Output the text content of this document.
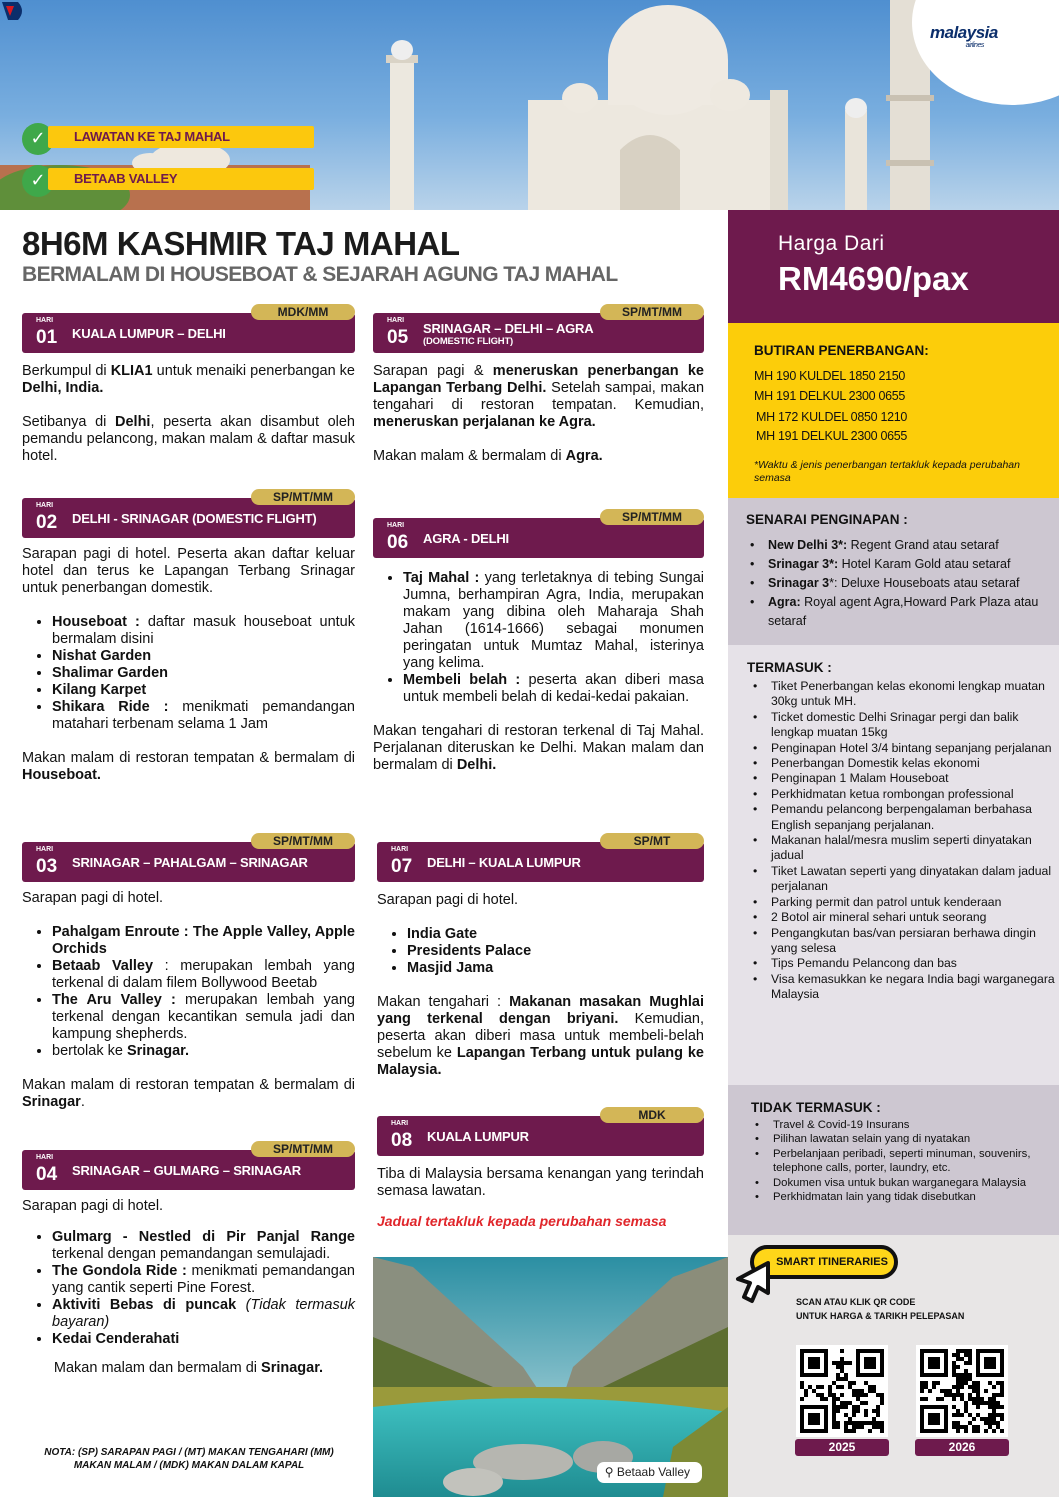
malaysia
airlines
✓	LAWATAN KE TAJ MAHAL
✓	BETAAB VALLEY
8H6M KASHMIR TAJ MAHAL
BERMALAM DI HOUSEBOAT & SEJARAH AGUNG TAJ MAHAL
MDK/MM
HARI
01 KUALA LUMPUR – DELHI

Berkumpul di KLIA1 untuk menaiki penerbangan ke Delhi, India.

Setibanya di Delhi, peserta akan disambut oleh pemandu pelancong, makan malam & daftar masuk hotel.

SP/MT/MM
HARI
02 DELHI - SRINAGAR (DOMESTIC FLIGHT)

Sarapan pagi di hotel. Peserta akan daftar keluar hotel dan terus ke Lapangan Terbang Srinagar untuk penerbangan domestik.

• Houseboat : daftar masuk houseboat untuk bermalam disini
• Nishat Garden
• Shalimar Garden
• Kilang Karpet
• Shikara Ride : menikmati pemandangan matahari terbenam selama 1 Jam

Makan malam di restoran tempatan & bermalam di Houseboat.

SP/MT/MM
HARI
03 SRINAGAR – PAHALGAM – SRINAGAR

Sarapan pagi di hotel.

• Pahalgam Enroute : The Apple Valley, Apple Orchids
• Betaab Valley : merupakan lembah yang terkenal di dalam filem Bollywood Beetab
• The Aru Valley : merupakan lembah yang terkenal dengan kecantikan semula jadi dan kampung shepherds.
• bertolak ke Srinagar.

Makan malam di restoran tempatan & bermalam di Srinagar.

SP/MT/MM
HARI
04 SRINAGAR – GULMARG – SRINAGAR

Sarapan pagi di hotel.

• Gulmarg - Nestled di Pir Panjal Range terkenal dengan pemandangan semulajadi.
• The Gondola Ride : menikmati pemandangan yang cantik seperti Pine Forest.
• Aktiviti Bebas di puncak (Tidak termasuk bayaran)
• Kedai Cenderahati

Makan malam dan bermalam di Srinagar.

NOTA: (SP) SARAPAN PAGI / (MT) MAKAN TENGAHARI (MM) MAKAN MALAM / (MDK) MAKAN DALAM KAPAL
SP/MT/MM
HARI
05 SRINAGAR – DELHI – AGRA
(DOMESTIC FLIGHT)

Sarapan pagi & meneruskan penerbangan ke Lapangan Terbang Delhi. Setelah sampai, makan tengahari di restoran tempatan. Kemudian, meneruskan perjalanan ke Agra.

Makan malam & bermalam di Agra.

SP/MT/MM
HARI
06 AGRA - DELHI
• Taj Mahal : yang terletaknya di tebing Sungai Jumna, berhampiran Agra, India, merupakan makam yang dibina oleh Maharaja Shah Jahan (1614-1666) sebagai monumen peringatan untuk Mumtaz Mahal, isterinya yang kelima.
• Membeli belah : peserta akan diberi masa untuk membeli belah di kedai-kedai pakaian.

Makan tengahari di restoran terkenal di Taj Mahal. Perjalanan diteruskan ke Delhi. Makan malam dan bermalam di Delhi.

SP/MT
HARI
07 DELHI – KUALA LUMPUR

Sarapan pagi di hotel.

• India Gate
• Presidents Palace
• Masjid Jama

Makan tengahari : Makanan masakan Mughlai yang terkenal dengan briyani. Kemudian, peserta akan diberi masa untuk membeli-belah sebelum ke Lapangan Terbang untuk pulang ke Malaysia.

MDK
HARI
08 KUALA LUMPUR

Tiba di Malaysia bersama kenangan yang terindah semasa lawatan.

Jadual tertakluk kepada perubahan semasa
⚲ Betaab Valley
Harga Dari
RM4690/pax
BUTIRAN PENERBANGAN:
MH 190 KULDEL 1850 2150
MH 191 DELKUL 2300 0655
MH 172 KULDEL 0850 1210
MH 191 DELKUL 2300 0655
*Waktu & jenis penerbangan tertakluk kepada perubahan semasa
SENARAI PENGINAPAN :
• New Delhi 3*: Regent Grand atau setaraf
• Srinagar 3*: Hotel Karam Gold atau setaraf
• Srinagar 3*: Deluxe Houseboats atau setaraf
• Agra: Royal agent Agra,Howard Park Plaza atau setaraf
TERMASUK :
• Tiket Penerbangan kelas ekonomi lengkap muatan 30kg untuk MH.
• Ticket domestic Delhi Srinagar pergi dan balik lengkap muatan 15kg
• Penginapan Hotel 3/4 bintang sepanjang perjalanan
• Penerbangan Domestik kelas ekonomi
• Penginapan 1 Malam Houseboat
• Perkhidmatan ketua rombongan professional
• Pemandu pelancong berpengalaman berbahasa English sepanjang perjalanan.
• Makanan halal/mesra muslim seperti dinyatakan jadual
• Tiket Lawatan seperti yang dinyatakan dalam jadual perjalanan
• Parking permit dan patrol untuk kenderaan
• 2 Botol air mineral sehari untuk seorang
• Pengangkutan bas/van persiaran berhawa dingin yang selesa
• Tips Pemandu Pelancong dan bas
• Visa kemasukkan ke negara India bagi warganegara Malaysia
TIDAK TERMASUK :
• Travel & Covid-19 Insurans
• Pilihan lawatan selain yang di nyatakan
• Perbelanjaan peribadi, seperti minuman, souvenirs, telephone calls, porter, laundry, etc.
• Dokumen visa untuk bukan warganegara Malaysia
• Perkhidmatan lain yang tidak disebutkan
SMART ITINERARIES
SCAN ATAU KLIK QR CODE
UNTUK HARGA & TARIKH PELEPASAN
2025	2026
